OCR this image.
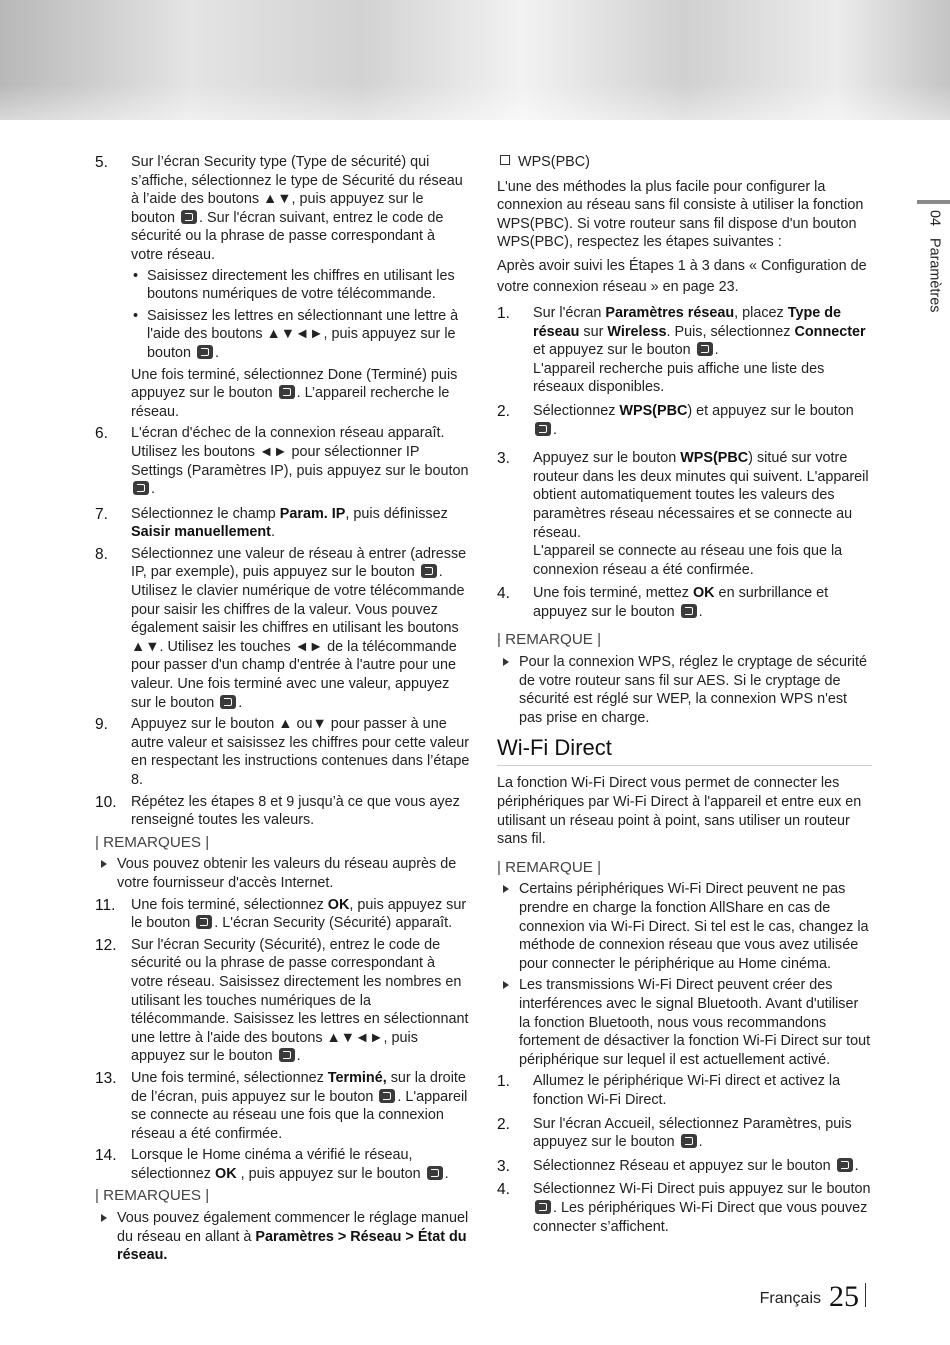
04   Paramètres
5. Sur l’écran Security type (Type de sécurité) qui s’affiche, sélectionnez le type de Sécurité du réseau à l’aide des boutons ▲▼, puis appuyez sur le bouton . Sur l'écran suivant, entrez le code de sécurité ou la phrase de passe correspondant à votre réseau.

• Saisissez directement les chiffres en utilisant les boutons numériques de votre télécommande.
• Saisissez les lettres en sélectionnant une lettre à l'aide des boutons ▲▼◄►, puis appuyez sur le bouton .

Une fois terminé, sélectionnez Done (Terminé) puis appuyez sur le bouton . L’appareil recherche le réseau.

6. L'écran d'échec de la connexion réseau apparaît. Utilisez les boutons ◄► pour sélectionner IP Settings (Paramètres IP), puis appuyez sur le bouton .

7. Sélectionnez le champ Param. IP, puis définissez Saisir manuellement.

8. Sélectionnez une valeur de réseau à entrer (adresse IP, par exemple), puis appuyez sur le bouton . Utilisez le clavier numérique de votre télécommande pour saisir les chiffres de la valeur. Vous pouvez également saisir les chiffres en utilisant les boutons ▲▼. Utilisez les touches ◄► de la télécommande pour passer d'un champ d'entrée à l'autre pour une valeur. Une fois terminé avec une valeur, appuyez sur le bouton .

9. Appuyez sur le bouton ▲ ou▼ pour passer à une autre valeur et saisissez les chiffres pour cette valeur en respectant les instructions contenues dans l’étape 8.

10. Répétez les étapes 8 et 9 jusqu’à ce que vous ayez renseigné toutes les valeurs.

| REMARQUES |
Vous pouvez obtenir les valeurs du réseau auprès de votre fournisseur d'accès Internet.
11. Une fois terminé, sélectionnez OK, puis appuyez sur le bouton . L'écran Security (Sécurité) apparaît.

12. Sur l'écran Security (Sécurité), entrez le code de sécurité ou la phrase de passe correspondant à votre réseau. Saisissez directement les nombres en utilisant les touches numériques de la télécommande. Saisissez les lettres en sélectionnant une lettre à l'aide des boutons ▲▼◄►, puis appuyez sur le bouton .

13. Une fois terminé, sélectionnez Terminé, sur la droite de l’écran, puis appuyez sur le bouton . L'appareil se connecte au réseau une fois que la connexion réseau a été confirmée.

14. Lorsque le Home cinéma a vérifié le réseau, sélectionnez OK , puis appuyez sur le bouton .

| REMARQUES |
Vous pouvez également commencer le réglage manuel du réseau en allant à Paramètres > Réseau > État du réseau.
WPS(PBC)

L'une des méthodes la plus facile pour configurer la connexion au réseau sans fil consiste à utiliser la fonction WPS(PBC). Si votre routeur sans fil dispose d'un bouton WPS(PBC), respectez les étapes suivantes :

Après avoir suivi les Étapes 1 à 3 dans « Configuration de votre connexion réseau » en page 23.

1. Sur l'écran Paramètres réseau, placez Type de réseau sur Wireless. Puis, sélectionnez Connecter et appuyez sur le bouton .

L'appareil recherche puis affiche une liste des réseaux disponibles.

2. Sélectionnez WPS(PBC) et appuyez sur le bouton .

3. Appuyez sur le bouton WPS(PBC) situé sur votre routeur dans les deux minutes qui suivent. L'appareil obtient automatiquement toutes les valeurs des paramètres réseau nécessaires et se connecte au réseau.

L'appareil se connecte au réseau une fois que la connexion réseau a été confirmée.

4. Une fois terminé, mettez OK en surbrillance et appuyez sur le bouton .

| REMARQUE |
Pour la connexion WPS, réglez le cryptage de sécurité de votre routeur sans fil sur AES. Si le cryptage de sécurité est réglé sur WEP, la connexion WPS n'est pas prise en charge.
Wi-Fi Direct

La fonction Wi-Fi Direct vous permet de connecter les périphériques par Wi-Fi Direct à l'appareil et entre eux en utilisant un réseau point à point, sans utiliser un routeur sans fil.

| REMARQUE |
Certains périphériques Wi-Fi Direct peuvent ne pas prendre en charge la fonction AllShare en cas de connexion via Wi-Fi Direct. Si tel est le cas, changez la méthode de connexion réseau que vous avez utilisée pour connecter le périphérique au Home cinéma.
Les transmissions Wi-Fi Direct peuvent créer des interférences avec le signal Bluetooth. Avant d'utiliser la fonction Bluetooth, nous vous recommandons fortement de désactiver la fonction Wi-Fi Direct sur tout périphérique sur lequel il est actuellement activé.
1. Allumez le périphérique Wi-Fi direct et activez la fonction Wi-Fi Direct.

2. Sur l'écran Accueil, sélectionnez Paramètres, puis appuyez sur le bouton .

3. Sélectionnez Réseau et appuyez sur le bouton .

4. Sélectionnez Wi-Fi Direct puis appuyez sur le bouton . Les périphériques Wi-Fi Direct que vous pouvez connecter s’affichent.

Français 25
